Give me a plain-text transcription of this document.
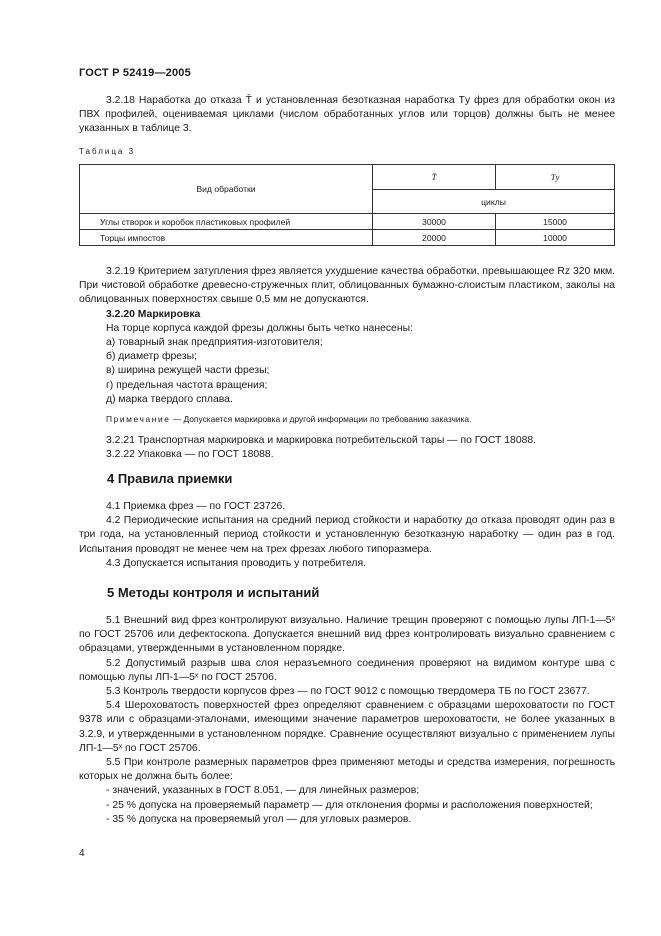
ГОСТ Р 52419—2005

3.2.18 Наработка до отказа T̄ и установленная безотказная наработка Tу фрез для обработки окон из ПВХ профилей, оцениваемая циклами (числом обработанных углов или торцов) должны быть не менее указанных в таблице 3.

Таблица 3
Вид обработки	T̄	Tу
	циклы	
Углы створок и коробок пластиковых профилей	30000	15000
Торцы импостов	20000	10000

3.2.19 Критерием затупления фрез является ухудшение качества обработки, превышающее Rz 320 мкм. При чистовой обработке древесно-стружечных плит, облицованных бумажно-слоистым пластиком, заколы на облицованных поверхностях свыше 0,5 мм не допускаются.

3.2.20 Маркировка

На торце корпуса каждой фрезы должны быть четко нанесены:

а) товарный знак предприятия-изготовителя;

б) диаметр фрезы;

в) ширина режущей части фрезы;

г) предельная частота вращения;

д) марка твердого сплава.

Примечание — Допускается маркировка и другой информации по требованию заказчика.

3.2.21 Транспортная маркировка и маркировка потребительской тары — по ГОСТ 18088.

3.2.22 Упаковка — по ГОСТ 18088.

4 Правила приемки

4.1 Приемка фрез — по ГОСТ 23726.

4.2 Периодические испытания на средний период стойкости и наработку до отказа проводят один раз в три года, на установленный период стойкости и установленную безотказную наработку — один раз в год. Испытания проводят не менее чем на трех фрезах любого типоразмера.

4.3 Допускается испытания проводить у потребителя.

5 Методы контроля и испытаний

5.1 Внешний вид фрез контролируют визуально. Наличие трещин проверяют с помощью лупы ЛП-1—5ˣ по ГОСТ 25706 или дефектоскопа. Допускается внешний вид фрез контролировать визуально сравнением с образцами, утвержденными в установленном порядке.

5.2 Допустимый разрыв шва слоя неразъемного соединения проверяют на видимом контуре шва с помощью лупы ЛП-1—5ˣ по ГОСТ 25706.

5.3 Контроль твердости корпусов фрез — по ГОСТ 9012 с помощью твердомера ТБ по ГОСТ 23677.

5.4 Шероховатость поверхностей фрез определяют сравнением с образцами шероховатости по ГОСТ 9378 или с образцами-эталонами, имеющими значение параметров шероховатости, не более указанных в 3.2.9, и утвержденными в установленном порядке. Сравнение осуществляют визуально с применением лупы ЛП-1—5ˣ по ГОСТ 25706.

5.5 При контроле размерных параметров фрез применяют методы и средства измерения, погрешность которых не должна быть более:

- значений, указанных в ГОСТ 8.051, — для линейных размеров;

- 25 % допуска на проверяемый параметр — для отклонения формы и расположения поверхностей;

- 35 % допуска на проверяемый угол — для угловых размеров.

4
